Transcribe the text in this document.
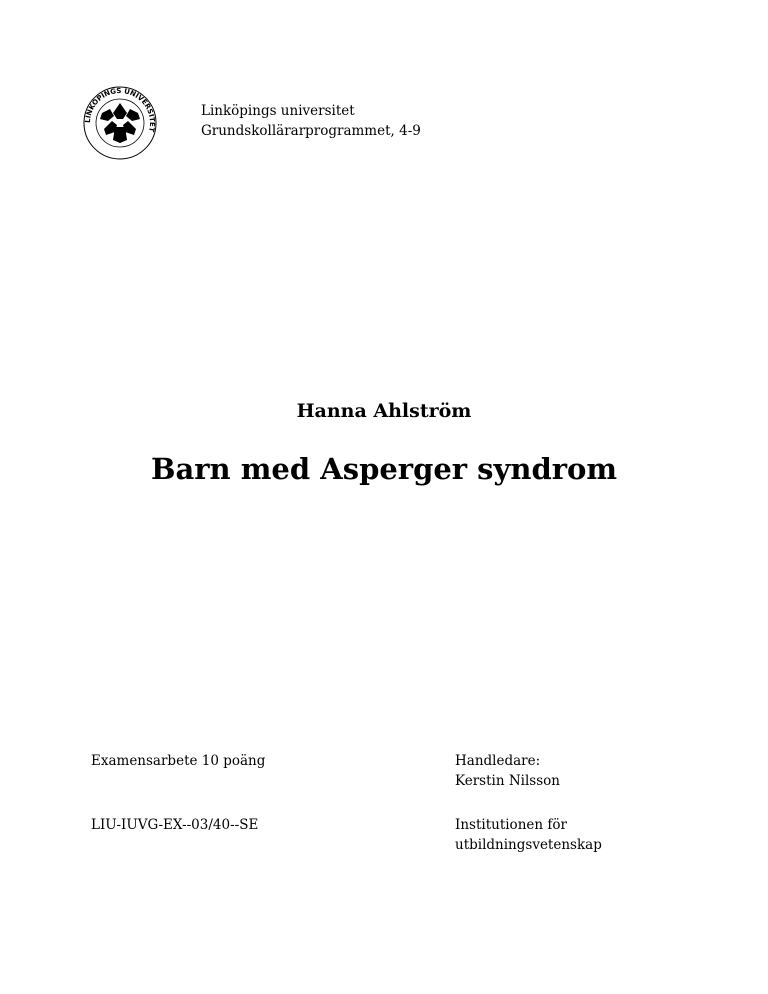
LINKÖPINGS UNIVERSITET
Linköpings universitet
Grundskollärarprogrammet, 4-9
Hanna Ahlström
Barn med Asperger syndrom
Examensarbete 10 poäng
LIU-IUVG-EX--03/40--SE
Handledare:
Kerstin Nilsson
Institutionen för
utbildningsvetenskap
